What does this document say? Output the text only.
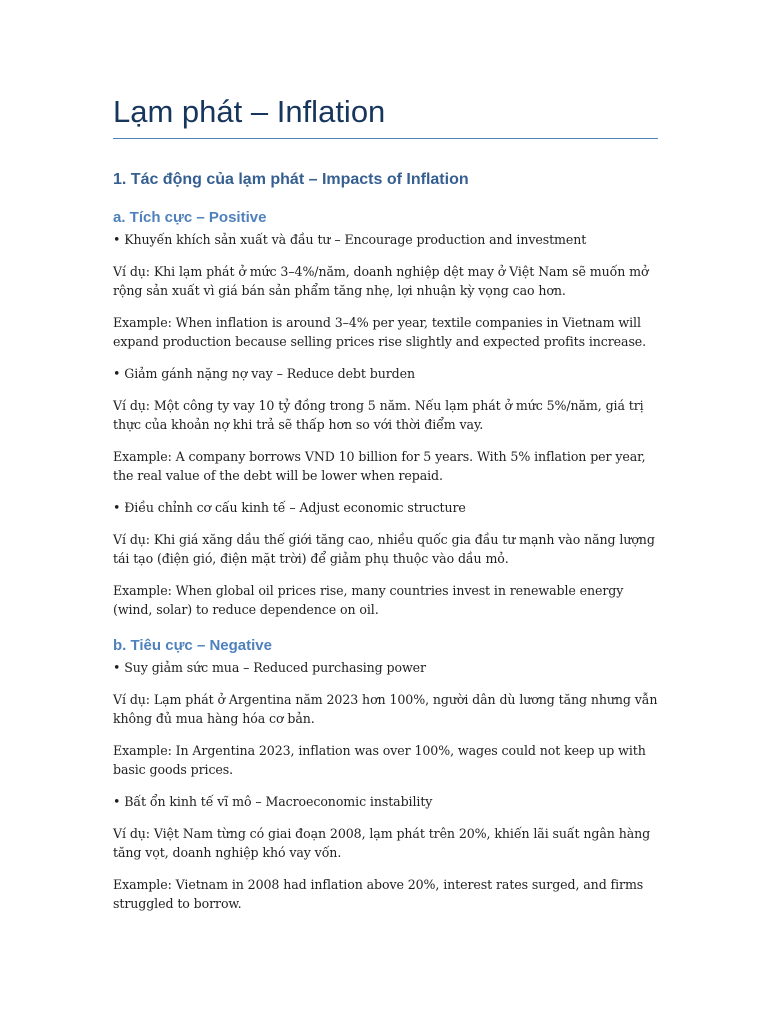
Lạm phát – Inflation
1. Tác động của lạm phát – Impacts of Inflation
a. Tích cực – Positive

• Khuyến khích sản xuất và đầu tư – Encourage production and investment

Ví dụ: Khi lạm phát ở mức 3–4%/năm, doanh nghiệp dệt may ở Việt Nam sẽ muốn mở rộng sản xuất vì giá bán sản phẩm tăng nhẹ, lợi nhuận kỳ vọng cao hơn.

Example: When inflation is around 3–4% per year, textile companies in Vietnam will expand production because selling prices rise slightly and expected profits increase.

• Giảm gánh nặng nợ vay – Reduce debt burden

Ví dụ: Một công ty vay 10 tỷ đồng trong 5 năm. Nếu lạm phát ở mức 5%/năm, giá trị thực của khoản nợ khi trả sẽ thấp hơn so với thời điểm vay.

Example: A company borrows VND 10 billion for 5 years. With 5% inflation per year, the real value of the debt will be lower when repaid.

• Điều chỉnh cơ cấu kinh tế – Adjust economic structure

Ví dụ: Khi giá xăng dầu thế giới tăng cao, nhiều quốc gia đầu tư mạnh vào năng lượng tái tạo (điện gió, điện mặt trời) để giảm phụ thuộc vào dầu mỏ.

Example: When global oil prices rise, many countries invest in renewable energy (wind, solar) to reduce dependence on oil.

b. Tiêu cực – Negative

• Suy giảm sức mua – Reduced purchasing power

Ví dụ: Lạm phát ở Argentina năm 2023 hơn 100%, người dân dù lương tăng nhưng vẫn không đủ mua hàng hóa cơ bản.

Example: In Argentina 2023, inflation was over 100%, wages could not keep up with basic goods prices.

• Bất ổn kinh tế vĩ mô – Macroeconomic instability

Ví dụ: Việt Nam từng có giai đoạn 2008, lạm phát trên 20%, khiến lãi suất ngân hàng tăng vọt, doanh nghiệp khó vay vốn.

Example: Vietnam in 2008 had inflation above 20%, interest rates surged, and firms struggled to borrow.
